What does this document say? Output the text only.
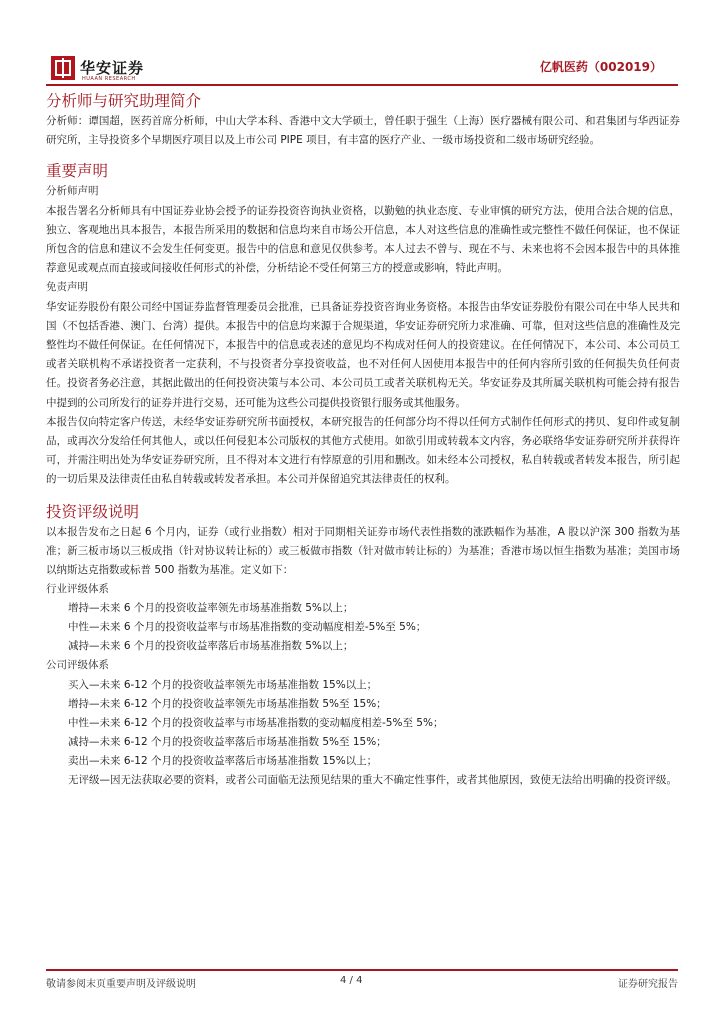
华安证券
HUAAN RESEARCH
亿帆医药（002019）
分析师与研究助理简介

分析师：谭国超，医药首席分析师，中山大学本科、香港中文大学硕士，曾任职于强生（上海）医疗器械有限公司、和君集团与华西证券研究所，主导投资多个早期医疗项目以及上市公司 PIPE 项目，有丰富的医疗产业、一级市场投资和二级市场研究经验。

重要声明
分析师声明

本报告署名分析师具有中国证券业协会授予的证券投资咨询执业资格，以勤勉的执业态度、专业审慎的研究方法，使用合法合规的信息，独立、客观地出具本报告，本报告所采用的数据和信息均来自市场公开信息，本人对这些信息的准确性或完整性不做任何保证，也不保证所包含的信息和建议不会发生任何变更。报告中的信息和意见仅供参考。本人过去不曾与、现在不与、未来也将不会因本报告中的具体推荐意见或观点而直接或间接收任何形式的补偿，分析结论不受任何第三方的授意或影响，特此声明。

免责声明

华安证券股份有限公司经中国证券监督管理委员会批准，已具备证券投资咨询业务资格。本报告由华安证券股份有限公司在中华人民共和国（不包括香港、澳门、台湾）提供。本报告中的信息均来源于合规渠道，华安证券研究所力求准确、可靠，但对这些信息的准确性及完整性均不做任何保证。在任何情况下，本报告中的信息或表述的意见均不构成对任何人的投资建议。在任何情况下，本公司、本公司员工或者关联机构不承诺投资者一定获利，不与投资者分享投资收益，也不对任何人因使用本报告中的任何内容所引致的任何损失负任何责任。投资者务必注意，其据此做出的任何投资决策与本公司、本公司员工或者关联机构无关。华安证券及其所属关联机构可能会持有报告中提到的公司所发行的证券并进行交易，还可能为这些公司提供投资银行服务或其他服务。

本报告仅向特定客户传送，未经华安证券研究所书面授权，本研究报告的任何部分均不得以任何方式制作任何形式的拷贝、复印件或复制品，或再次分发给任何其他人，或以任何侵犯本公司版权的其他方式使用。如欲引用或转载本文内容，务必联络华安证券研究所并获得许可，并需注明出处为华安证券研究所，且不得对本文进行有悖原意的引用和删改。如未经本公司授权，私自转载或者转发本报告，所引起的一切后果及法律责任由私自转载或转发者承担。本公司并保留追究其法律责任的权利。

投资评级说明

以本报告发布之日起 6 个月内，证券（或行业指数）相对于同期相关证券市场代表性指数的涨跌幅作为基准，A 股以沪深 300 指数为基准；新三板市场以三板成指（针对协议转让标的）或三板做市指数（针对做市转让标的）为基准；香港市场以恒生指数为基准；美国市场以纳斯达克指数或标普 500 指数为基准。定义如下：

行业评级体系
增持—未来 6 个月的投资收益率领先市场基准指数 5%以上；
中性—未来 6 个月的投资收益率与市场基准指数的变动幅度相差-5%至 5%；
减持—未来 6 个月的投资收益率落后市场基准指数 5%以上；
公司评级体系
买入—未来 6-12 个月的投资收益率领先市场基准指数 15%以上；
增持—未来 6-12 个月的投资收益率领先市场基准指数 5%至 15%；
中性—未来 6-12 个月的投资收益率与市场基准指数的变动幅度相差-5%至 5%；
减持—未来 6-12 个月的投资收益率落后市场基准指数 5%至 15%；
卖出—未来 6-12 个月的投资收益率落后市场基准指数 15%以上；
无评级— 因无法获取必要的资料，或者公司面临无法预见结果的重大不确定性事件，或者其他原因，致使无法给出明确的投资评级。
敬请参阅末页重要声明及评级说明	4 / 4	证券研究报告
